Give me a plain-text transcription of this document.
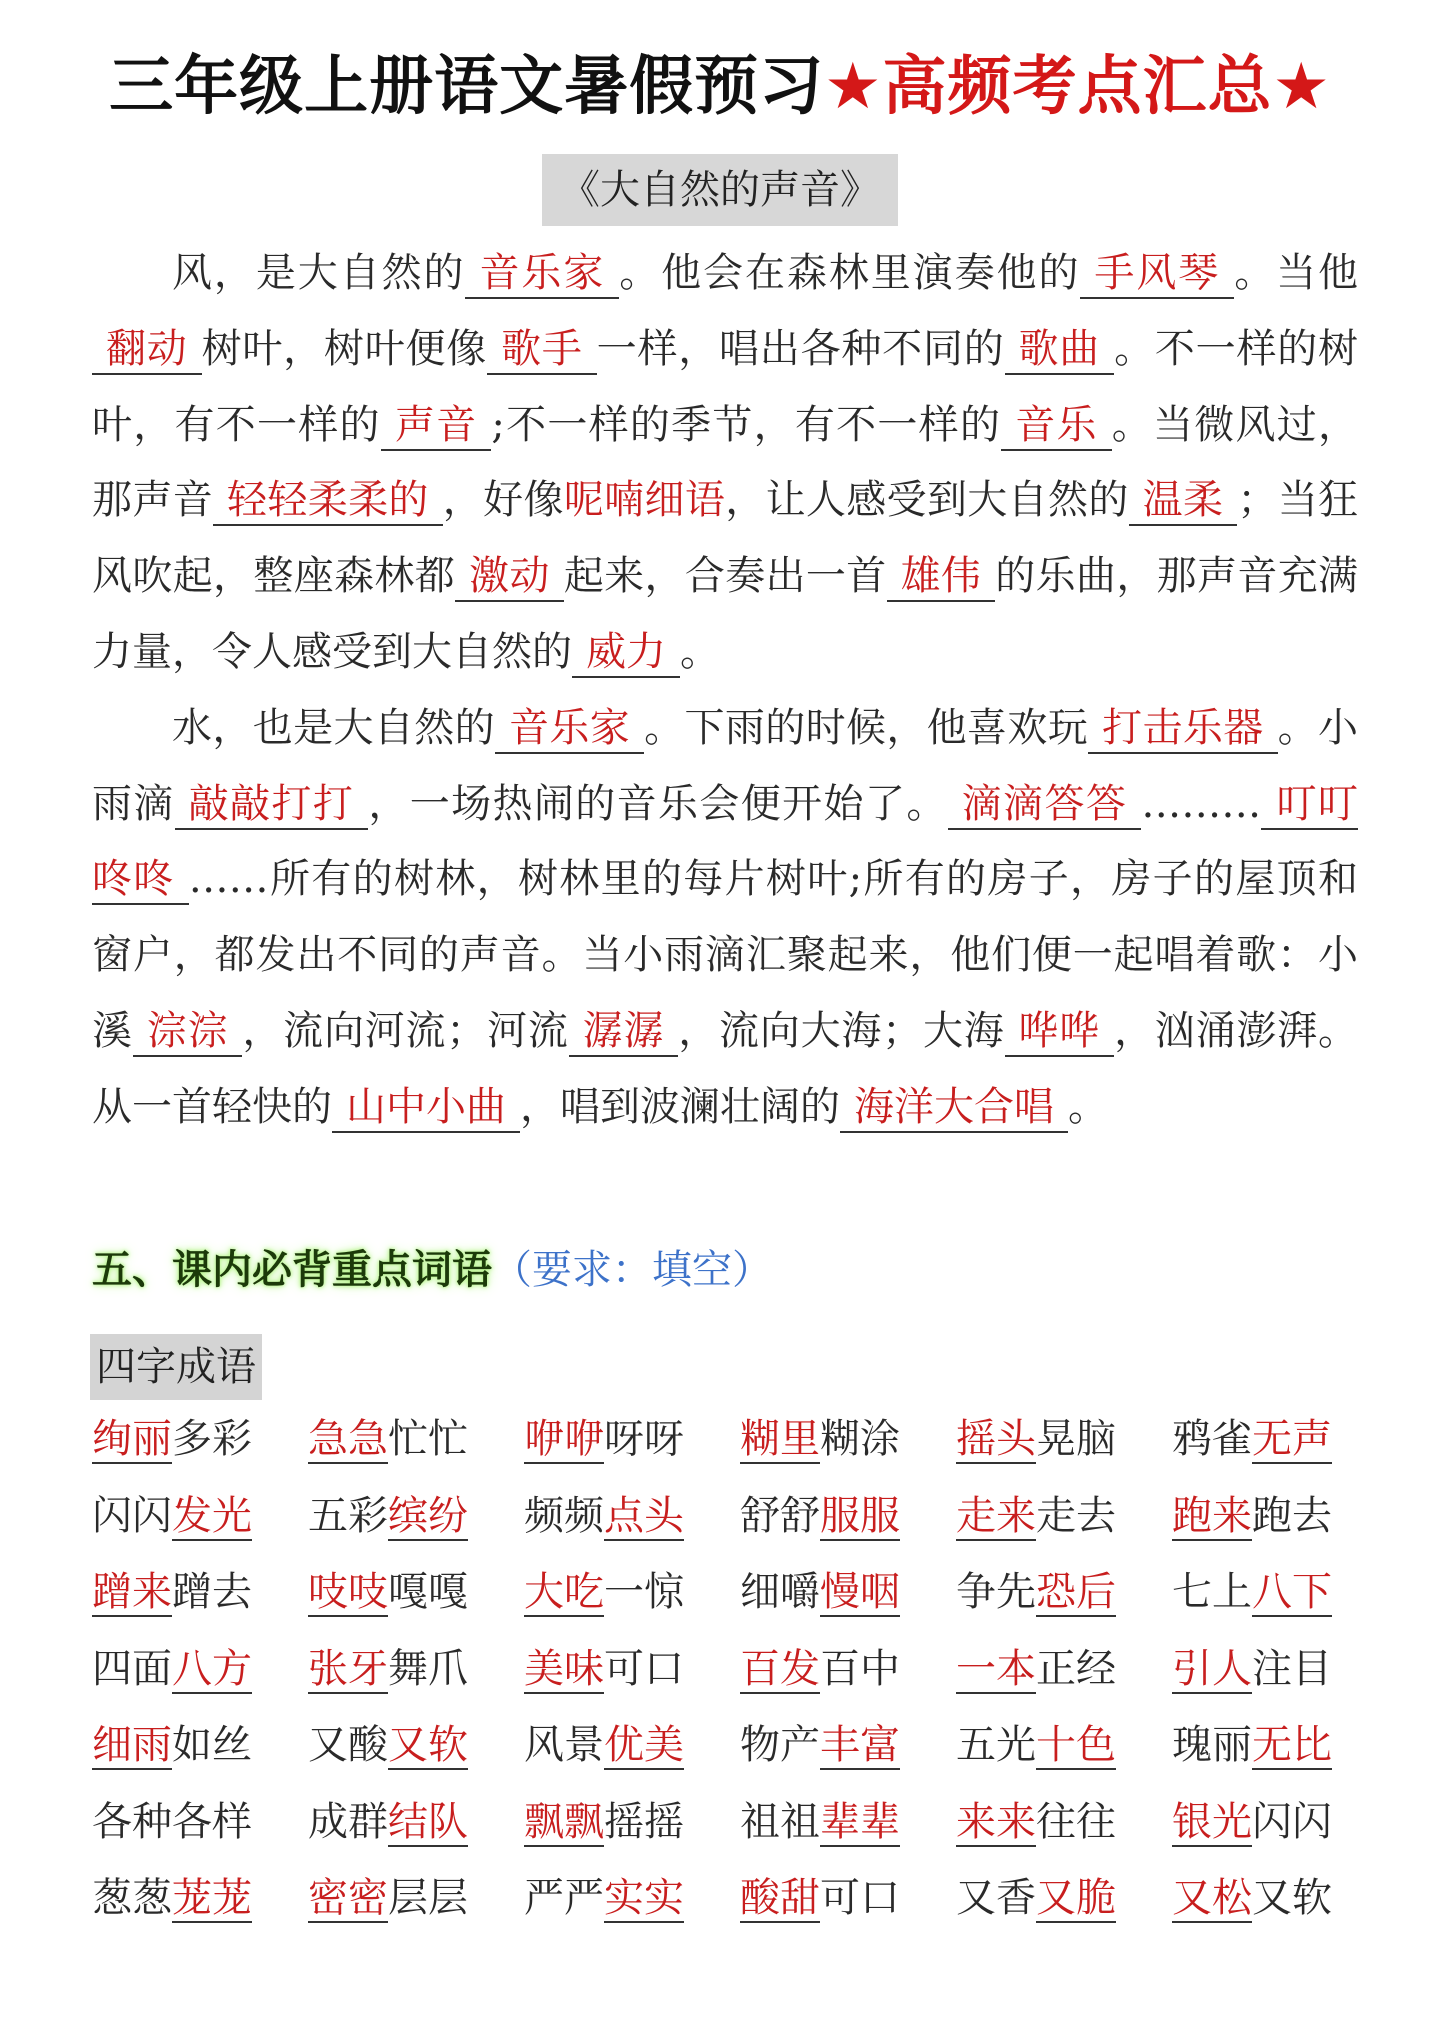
三年级上册语文暑假预习★高频考点汇总★
《大自然的声音》

风，是大自然的 音乐家 。他会在森林里演奏他的 手风琴 。当他翻动 树叶，树叶便像 歌手 一样，唱出各种不同的 歌曲 。不一样的树叶，有不一样的 声音 ;不一样的季节，有不一样的 音乐 。当微风过，那声音 轻轻柔柔的 ，好像呢喃细语，让人感受到大自然的 温柔 ；当狂风吹起，整座森林都 激动 起来，合奏出一首 雄伟 的乐曲，那声音充满力量，令人感受到大自然的 威力 。

水，也是大自然的 音乐家 。下雨的时候，他喜欢玩 打击乐器 。小雨滴 敲敲打打 ，一场热闹的音乐会便开始了。 滴滴答答 ……… 叮叮咚咚 ……所有的树林，树林里的每片树叶;所有的房子，房子的屋顶和窗户，都发出不同的声音。当小雨滴汇聚起来，他们便一起唱着歌：小溪 淙淙 ，流向河流；河流 潺潺 ，流向大海；大海 哗哗 ，汹涌澎湃。从一首轻快的 山中小曲 ，唱到波澜壮阔的 海洋大合唱 。

五、课内必背重点词语（要求：填空）
四字成语
绚丽多彩	急急忙忙	咿咿呀呀	糊里糊涂	摇头晃脑	鸦雀无声
闪闪发光	五彩缤纷	频频点头	舒舒服服	走来走去	跑来跑去
蹭来蹭去	吱吱嘎嘎	大吃一惊	细嚼慢咽	争先恐后	七上八下
四面八方	张牙舞爪	美味可口	百发百中	一本正经	引人注目
细雨如丝	又酸又软	风景优美	物产丰富	五光十色	瑰丽无比
各种各样	成群结队	飘飘摇摇	祖祖辈辈	来来往往	银光闪闪
葱葱茏茏	密密层层	严严实实	酸甜可口	又香又脆	又松又软
